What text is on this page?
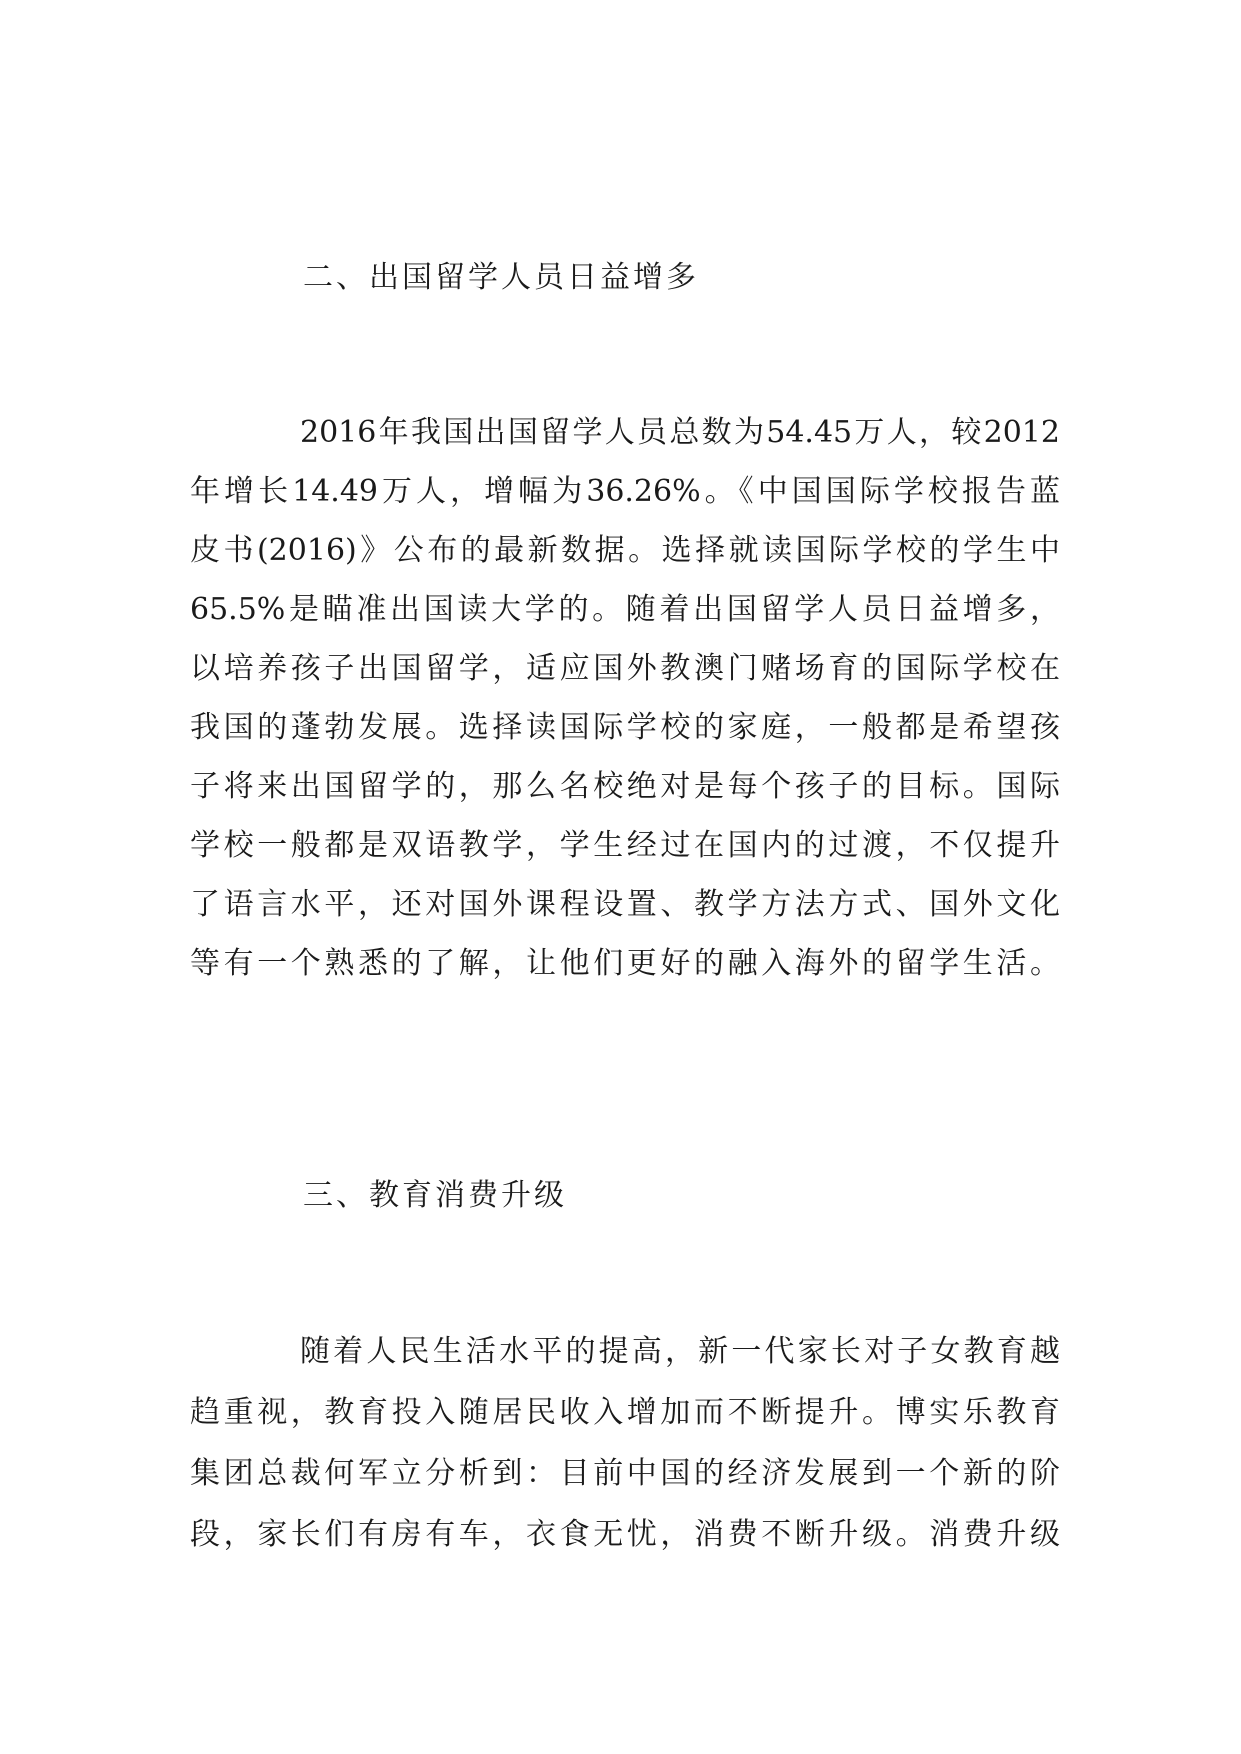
二、出国留学人员日益增多
2016年我国出国留学人员总数为54.45万人，较2012
年增长14.49万人，增幅为36.26%。《中国国际学校报告蓝
皮书(2016)》公布的最新数据。选择就读国际学校的学生中
65.5%是瞄准出国读大学的。随着出国留学人员日益增多，
以培养孩子出国留学，适应国外教澳门赌场育的国际学校在
我国的蓬勃发展。选择读国际学校的家庭，一般都是希望孩
子将来出国留学的，那么名校绝对是每个孩子的目标。国际
学校一般都是双语教学，学生经过在国内的过渡，不仅提升
了语言水平，还对国外课程设置、教学方法方式、国外文化
等有一个熟悉的了解，让他们更好的融入海外的留学生活。
三、教育消费升级
随着人民生活水平的提高，新一代家长对子女教育越
趋重视，教育投入随居民收入增加而不断提升。博实乐教育
集团总裁何军立分析到：目前中国的经济发展到一个新的阶
段，家长们有房有车，衣食无忧，消费不断升级。消费升级
